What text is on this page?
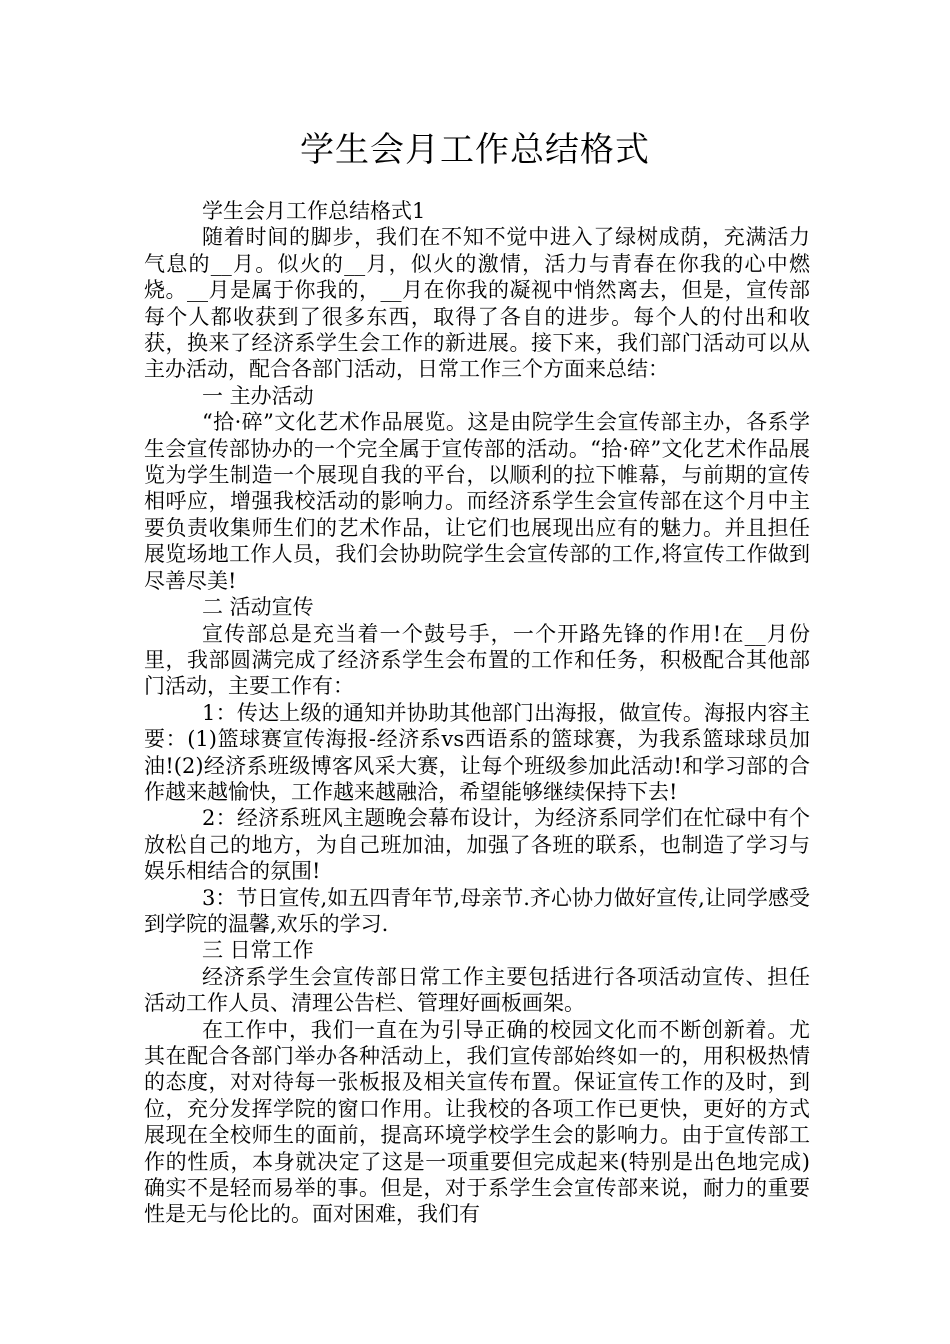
学生会月工作总结格式

学生会月工作总结格式1

随着时间的脚步，我们在不知不觉中进入了绿树成荫，充满活力气息的__月。似火的__月，似火的激情，活力与青春在你我的心中燃烧。__月是属于你我的，__月在你我的凝视中悄然离去，但是，宣传部每个人都收获到了很多东西，取得了各自的进步。每个人的付出和收获，换来了经济系学生会工作的新进展。接下来，我们部门活动可以从主办活动，配合各部门活动，日常工作三个方面来总结：

一 主办活动

“拾·碎”文化艺术作品展览。这是由院学生会宣传部主办，各系学生会宣传部协办的一个完全属于宣传部的活动。“拾·碎”文化艺术作品展览为学生制造一个展现自我的平台，以顺利的拉下帷幕，与前期的宣传相呼应，增强我校活动的影响力。而经济系学生会宣传部在这个月中主要负责收集师生们的艺术作品，让它们也展现出应有的魅力。并且担任展览场地工作人员，我们会协助院学生会宣传部的工作,将宣传工作做到尽善尽美!

二 活动宣传

宣传部总是充当着一个鼓号手，一个开路先锋的作用!在__月份里，我部圆满完成了经济系学生会布置的工作和任务，积极配合其他部门活动，主要工作有：

1：传达上级的通知并协助其他部门出海报，做宣传。海报内容主要：(1)篮球赛宣传海报-经济系vs西语系的篮球赛，为我系篮球球员加油!(2)经济系班级博客风采大赛，让每个班级参加此活动!和学习部的合作越来越愉快，工作越来越融洽，希望能够继续保持下去!

2：经济系班风主题晚会幕布设计，为经济系同学们在忙碌中有个放松自己的地方，为自己班加油，加强了各班的联系，也制造了学习与娱乐相结合的氛围!

3：节日宣传,如五四青年节,母亲节.齐心协力做好宣传,让同学感受到学院的温馨,欢乐的学习.

三 日常工作

经济系学生会宣传部日常工作主要包括进行各项活动宣传、担任活动工作人员、清理公告栏、管理好画板画架。

在工作中，我们一直在为引导正确的校园文化而不断创新着。尤其在配合各部门举办各种活动上，我们宣传部始终如一的，用积极热情的态度，对对待每一张板报及相关宣传布置。保证宣传工作的及时，到位，充分发挥学院的窗口作用。让我校的各项工作已更快，更好的方式展现在全校师生的面前，提高环境学校学生会的影响力。由于宣传部工作的性质，本身就决定了这是一项重要但完成起来(特别是出色地完成)确实不是轻而易举的事。但是，对于系学生会宣传部来说，耐力的重要性是无与伦比的。面对困难，我们有
